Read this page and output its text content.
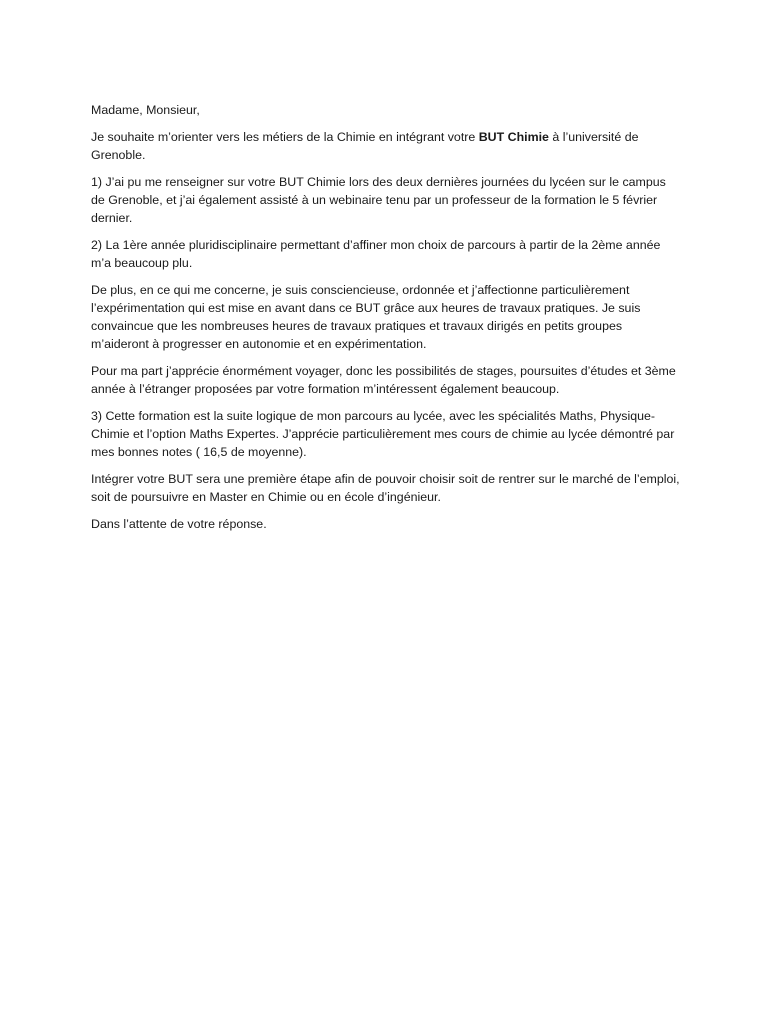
Madame, Monsieur,

Je souhaite m’orienter vers les métiers de la Chimie en intégrant votre BUT Chimie à l’université de Grenoble.

1) J’ai pu me renseigner sur votre BUT Chimie lors des deux dernières journées du lycéen sur le campus de Grenoble, et j’ai également assisté à un webinaire tenu par un professeur de la formation le 5 février dernier.

2) La 1ère année pluridisciplinaire permettant d’affiner mon choix de parcours à partir de la 2ème année m’a beaucoup plu.

De plus, en ce qui me concerne, je suis consciencieuse, ordonnée et j’affectionne particulièrement l’expérimentation qui est mise en avant dans ce BUT grâce aux heures de travaux pratiques. Je suis convaincue que les nombreuses heures de travaux pratiques et travaux dirigés en petits groupes m’aideront à progresser en autonomie et en expérimentation.

Pour ma part j’apprécie énormément voyager, donc les possibilités de stages, poursuites d’études et 3ème année à l’étranger proposées par votre formation m’intéressent également beaucoup.

3) Cette formation est la suite logique de mon parcours au lycée, avec les spécialités Maths, Physique-Chimie et l’option Maths Expertes. J’apprécie particulièrement mes cours de chimie au lycée démontré par mes bonnes notes ( 16,5 de moyenne).

Intégrer votre BUT sera une première étape afin de pouvoir choisir soit de rentrer sur le marché de l’emploi, soit de poursuivre en Master en Chimie ou en école d’ingénieur.

Dans l’attente de votre réponse.
